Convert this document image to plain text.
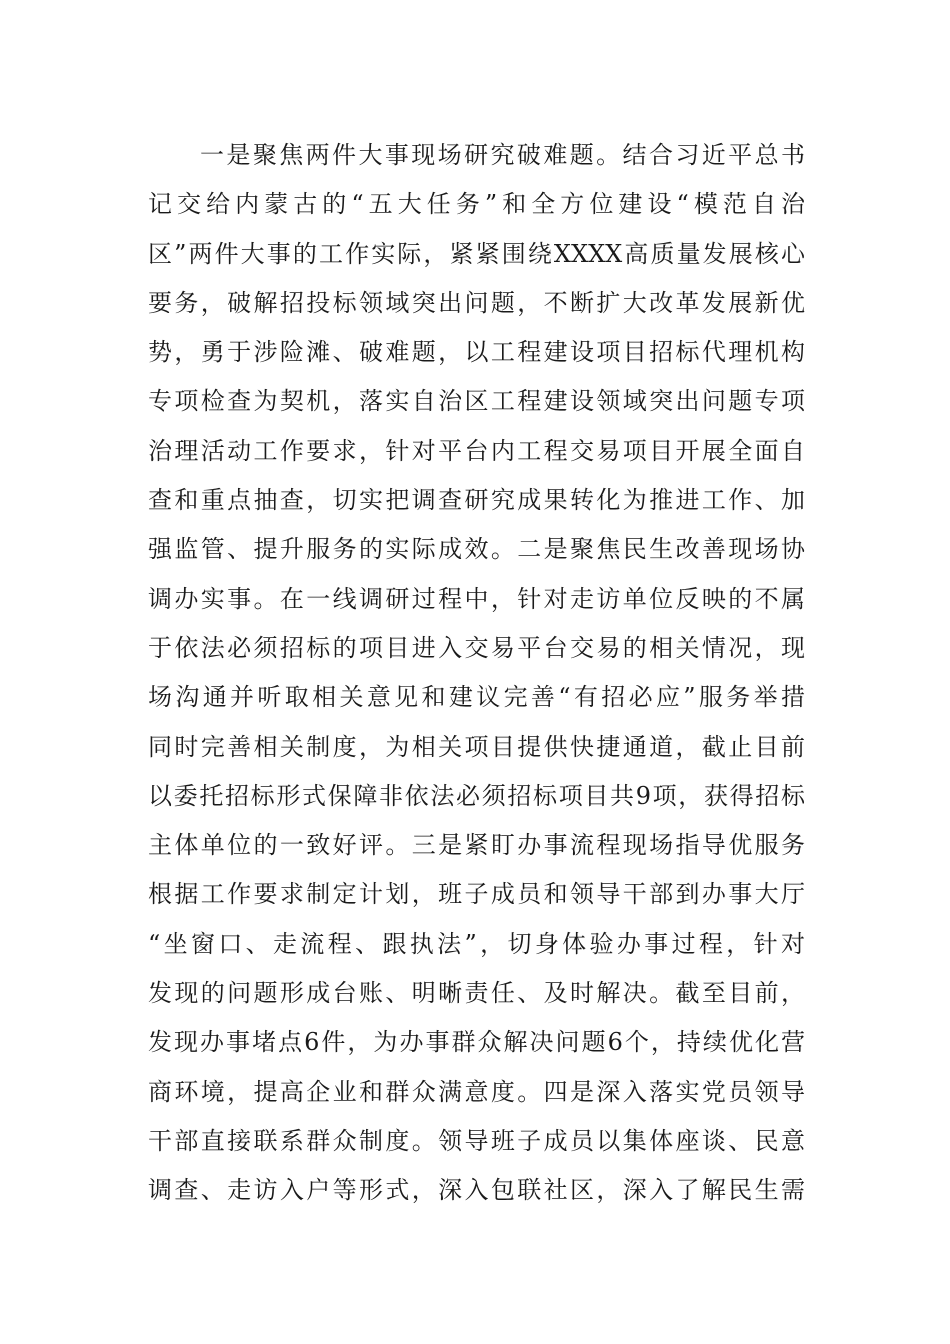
一是聚焦两件大事现场研究破难题。结合习近平总书
记交给内蒙古的“五大任务”和全方位建设“模范自治
区”两件大事的工作实际，紧紧围绕XXXX高质量发展核心
要务，破解招投标领域突出问题，不断扩大改革发展新优
势，勇于涉险滩、破难题，以工程建设项目招标代理机构
专项检查为契机，落实自治区工程建设领域突出问题专项
治理活动工作要求，针对平台内工程交易项目开展全面自
查和重点抽查，切实把调查研究成果转化为推进工作、加
强监管、提升服务的实际成效。二是聚焦民生改善现场协
调办实事。在一线调研过程中，针对走访单位反映的不属
于依法必须招标的项目进入交易平台交易的相关情况，现
场沟通并听取相关意见和建议完善“有招必应”服务举措
同时完善相关制度，为相关项目提供快捷通道，截止目前
以委托招标形式保障非依法必须招标项目共9项，获得招标
主体单位的一致好评。三是紧盯办事流程现场指导优服务
根据工作要求制定计划，班子成员和领导干部到办事大厅
“坐窗口、走流程、跟执法”，切身体验办事过程，针对
发现的问题形成台账、明晰责任、及时解决。截至目前，
发现办事堵点6件，为办事群众解决问题6个，持续优化营
商环境，提高企业和群众满意度。四是深入落实党员领导
干部直接联系群众制度。领导班子成员以集体座谈、民意
调查、走访入户等形式，深入包联社区，深入了解民生需
